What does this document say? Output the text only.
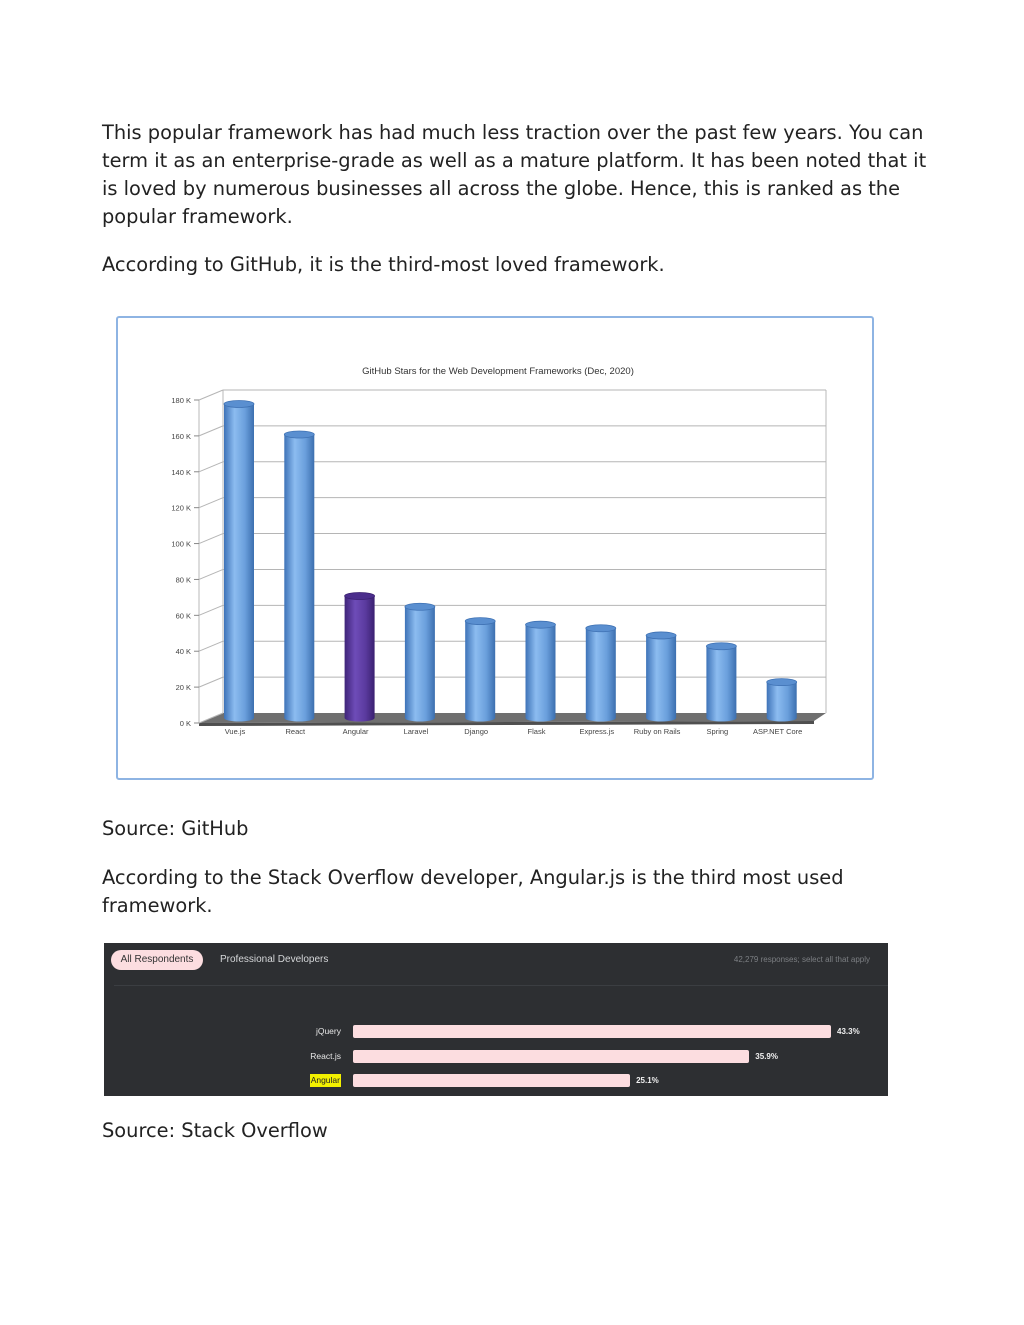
This popular framework has had much less traction over the past few years. You can term it as an enterprise-grade as well as a mature platform. It has been noted that it is loved by numerous businesses all across the globe. Hence, this is ranked as the popular framework.

According to GitHub, it is the third-most loved framework.

GitHub Stars for the Web Development Frameworks (Dec, 2020)
0 K
20 K
40 K
60 K
80 K
100 K
120 K
140 K
160 K
180 K
Vue.js	React	Angular	Laravel	Django	Flask	Express.js	Ruby on Rails	Spring	ASP.NET Core

Source: GitHub

According to the Stack Overflow developer, Angular.js is the third most used framework.

All Respondents	Professional Developers	42,279 responses; select all that apply
jQuery	43.3%
React.js	35.9%
Angular	25.1%

Source: Stack Overflow
